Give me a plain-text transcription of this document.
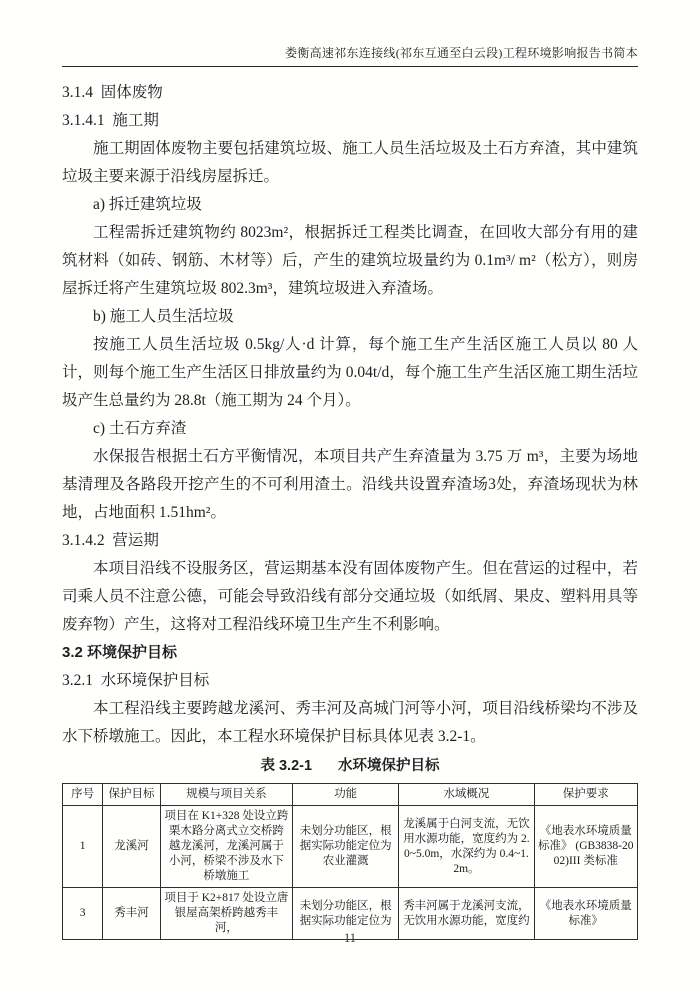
娄衡高速祁东连接线(祁东互通至白云段)工程环境影响报告书简本
3.1.4  固体废物
3.1.4.1  施工期

施工期固体废物主要包括建筑垃圾、施工人员生活垃圾及土石方弃渣，其中建筑垃圾主要来源于沿线房屋拆迁。

a) 拆迁建筑垃圾

工程需拆迁建筑物约 8023m²，根据拆迁工程类比调查，在回收大部分有用的建筑材料（如砖、钢筋、木材等）后，产生的建筑垃圾量约为 0.1m³/ m²（松方），则房屋拆迁将产生建筑垃圾 802.3m³，建筑垃圾进入弃渣场。

b) 施工人员生活垃圾

按施工人员生活垃圾 0.5kg/人·d 计算，每个施工生产生活区施工人员以 80 人计，则每个施工生产生活区日排放量约为 0.04t/d，每个施工生产生活区施工期生活垃圾产生总量约为 28.8t（施工期为 24 个月）。

c) 土石方弃渣

水保报告根据土石方平衡情况，本项目共产生弃渣量为 3.75 万 m³，主要为场地基清理及各路段开挖产生的不可利用渣土。沿线共设置弃渣场3处，弃渣场现状为林地，占地面积 1.51hm²。

3.1.4.2  营运期

本项目沿线不设服务区，营运期基本没有固体废物产生。但在营运的过程中，若司乘人员不注意公德，可能会导致沿线有部分交通垃圾（如纸屑、果皮、塑料用具等废弃物）产生，这将对工程沿线环境卫生产生不利影响。

3.2 环境保护目标
3.2.1  水环境保护目标

本工程沿线主要跨越龙溪河、秀丰河及高城门河等小河，项目沿线桥梁均不涉及水下桥墩施工。因此，本工程水环境保护目标具体见表 3.2-1。

表 3.2-1 水环境保护目标
序号	保护目标	规模与项目关系	功能	水域概况	保护要求
1	龙溪河	项目在 K1+328 处设立跨栗木路分离式立交桥跨越龙溪河，龙溪河属于小河，桥梁不涉及水下桥墩施工	未划分功能区，根据实际功能定位为农业灌溉	龙溪属于白河支流，无饮用水源功能，宽度约为 2.0~5.0m，水深约为 0.4~1.2m。	《地表水环境质量标准》 (GB3838-2002)III 类标准
3	秀丰河	项目于 K2+817 处设立唐银屋高架桥跨越秀丰河，	未划分功能区，根据实际功能定位为	秀丰河属于龙溪河支流，无饮用水源功能，宽度约	《地表水环境质量标准》
11
